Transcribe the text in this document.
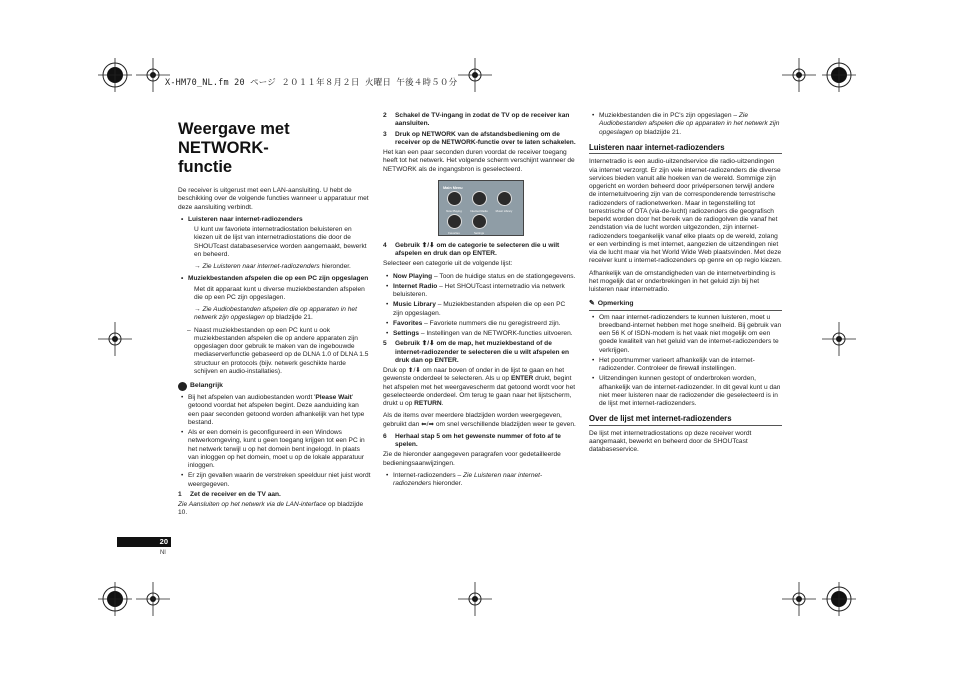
X-HM70_NL.fm 20 ページ ２０１１年８月２日 火曜日 午後４時５０分
Weergave met NETWORK-
functie
De receiver is uitgerust met een LAN-aansluiting. U hebt de beschikking over de volgende functies wanneer u apparatuur met deze aansluiting verbindt.
• Luisteren naar internet-radiozenders
U kunt uw favoriete internetradiostation beluisteren en kiezen uit de lijst van internetradiostations die door de SHOUTcast databaseservice worden aangemaakt, bewerkt en beheerd.
→ Zie Luisteren naar internet-radiozenders hieronder.
• Muziekbestanden afspelen die op een PC zijn opgeslagen
Met dit apparaat kunt u diverse muziekbestanden afspelen die op een PC zijn opgeslagen.
→ Zie Audiobestanden afspelen die op apparaten in het netwerk zijn opgeslagen op bladzijde 21.
– Naast muziekbestanden op een PC kunt u ook muziekbestanden afspelen die op andere apparaten zijn opgeslagen door gebruik te maken van de ingebouwde mediaserverfunctie gebaseerd op de DLNA 1.0 of DLNA 1.5 structuur en protocols (bijv. netwerk geschikte harde schijven en audio-installaties).
Belangrijk
• Bij het afspelen van audiobestanden wordt 'Please Wait' getoond voordat het afspelen begint. Deze aanduiding kan een paar seconden getoond worden afhankelijk van het type bestand.
• Als er een domein is geconfigureerd in een Windows netwerkomgeving, kunt u geen toegang krijgen tot een PC in het netwerk terwijl u op het domein bent ingelogd. In plaats van inloggen op het domein, moet u op de lokale apparatuur inloggen.
• Er zijn gevallen waarin de verstreken speelduur niet juist wordt weergegeven.
1 Zet de receiver en de TV aan.
Zie Aansluiten op het netwerk via de LAN-interface op bladzijde 10.
2 Schakel de TV-ingang in zodat de TV op de receiver kan aansluiten.
3 Druk op NETWORK van de afstandsbediening om de receiver op de NETWORK-functie over te laten schakelen.
Het kan een paar seconden duren voordat de receiver toegang heeft tot het netwerk. Het volgende scherm verschijnt wanneer de NETWORK als de ingangsbron is geselecteerd.
Main Menu
Now Playing	Internet Radio	Music Library
Favorites	Settings
4 Gebruik ⬆/⬇ om de categorie te selecteren die u wilt afspelen en druk dan op ENTER.
Selecteer een categorie uit de volgende lijst:
• Now Playing – Toon de huidige status en de stationgegevens.
• Internet Radio – Het SHOUTcast internetradio via netwerk beluisteren.
• Music Library – Muziekbestanden afspelen die op een PC zijn opgeslagen.
• Favorites – Favoriete nummers die nu geregistreerd zijn.
• Settings – Instellingen van de NETWORK-functies uitvoeren.
5 Gebruik ⬆/⬇ om de map, het muziekbestand of de internet-radiozender te selecteren die u wilt afspelen en druk dan op ENTER.
Druk op ⬆/⬇ om naar boven of onder in de lijst te gaan en het gewenste onderdeel te selecteren. Als u op ENTER drukt, begint het afspelen met het weergavescherm dat getoond wordt voor het geselecteerde onderdeel. Om terug te gaan naar het lijstscherm, drukt u op RETURN.
Als de items over meerdere bladzijden worden weergegeven, gebruikt dan ⬅/➡ om snel verschillende bladzijden weer te geven.
6 Herhaal stap 5 om het gewenste nummer of foto af te spelen.
Zie de hieronder aangegeven paragrafen voor gedetailleerde bedieningsaanwijzingen.
• Internet-radiozenders – Zie Luisteren naar internet-radiozenders hieronder.
• Muziekbestanden die in PC's zijn opgeslagen – Zie Audiobestanden afspelen die op apparaten in het netwerk zijn opgeslagen op bladzijde 21.
Luisteren naar internet-radiozenders
Internetradio is een audio-uitzendservice die radio-uitzendingen via internet verzorgt. Er zijn vele internet-radiozenders die diverse services bieden vanuit alle hoeken van de wereld. Sommige zijn opgericht en worden beheerd door privépersonen terwijl andere de internetuitvoering zijn van de corresponderende terrestrische radiozenders of radionetwerken. Maar in tegenstelling tot terrestrische of OTA (via-de-lucht) radiozenders die geografisch beperkt worden door het bereik van de radiogolven die vanaf het zendstation via de lucht worden uitgezonden, zijn internet-radiozenders toegankelijk vanaf elke plaats op de wereld, zolang er een verbinding is met internet, aangezien de uitzendingen niet via de lucht maar via het World Wide Web plaatsvinden. Met deze receiver kunt u internet-radiozenders op genre en op regio kiezen.
Afhankelijk van de omstandigheden van de internetverbinding is het mogelijk dat er onderbrekingen in het geluid zijn bij het luisteren naar internetradio.
✎ Opmerking
• Om naar internet-radiozenders te kunnen luisteren, moet u breedband-internet hebben met hoge snelheid. Bij gebruik van een 56 K of ISDN-modem is het vaak niet mogelijk om een goede kwaliteit van het geluid van de internet-radiozenders te verkrijgen.
• Het poortnummer varieert afhankelijk van de internet-radiozender. Controleer de firewall instellingen.
• Uitzendingen kunnen gestopt of onderbroken worden, afhankelijk van de internet-radiozender. In dit geval kunt u dan niet meer luisteren naar de radiozender die geselecteerd is in de lijst met internet-radiozenders.
Over de lijst met internet-radiozenders
De lijst met internetradiostations op deze receiver wordt aangemaakt, bewerkt en beheerd door de SHOUTcast databaseservice.
20
Nl
